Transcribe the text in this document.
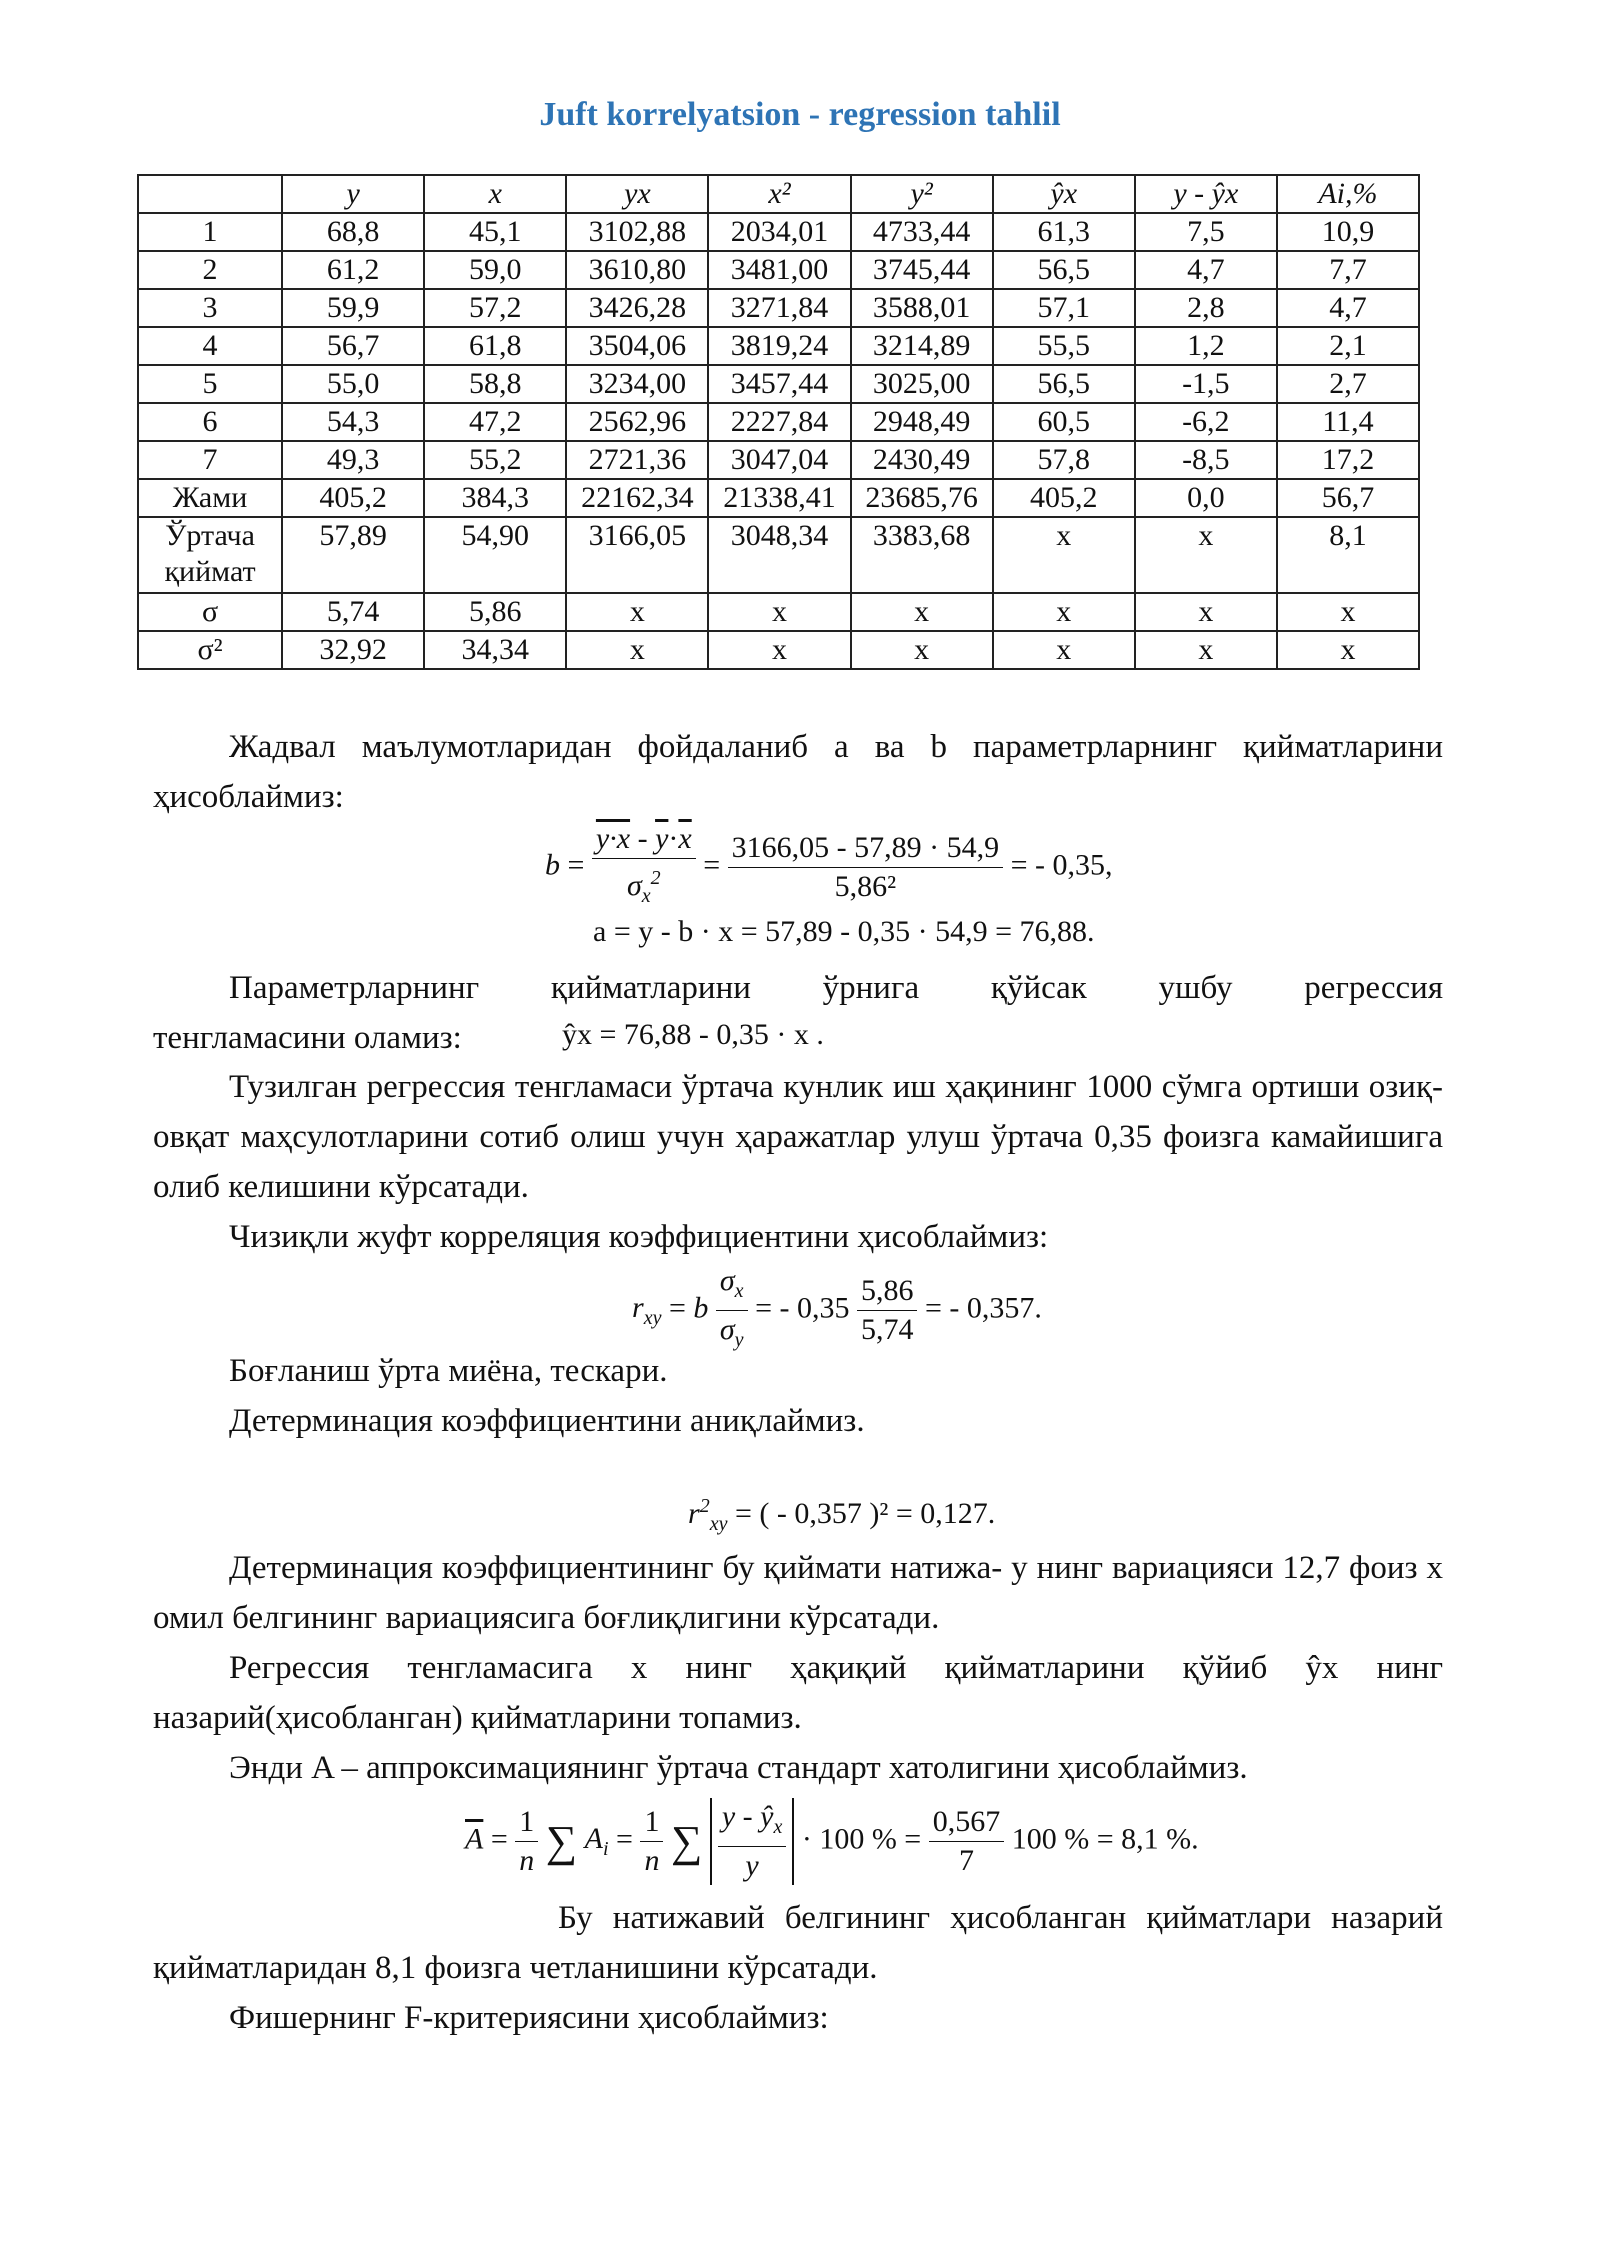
Juft korrelyatsion - regression tahlil
	y	x	yx	x²	y²	ŷx	y - ŷx	Ai,%
1	68,8	45,1	3102,88	2034,01	4733,44	61,3	7,5	10,9
2	61,2	59,0	3610,80	3481,00	3745,44	56,5	4,7	7,7
3	59,9	57,2	3426,28	3271,84	3588,01	57,1	2,8	4,7
4	56,7	61,8	3504,06	3819,24	3214,89	55,5	1,2	2,1
5	55,0	58,8	3234,00	3457,44	3025,00	56,5	-1,5	2,7
6	54,3	47,2	2562,96	2227,84	2948,49	60,5	-6,2	11,4
7	49,3	55,2	2721,36	3047,04	2430,49	57,8	-8,5	17,2
Жами	405,2	384,3	22162,34	21338,41	23685,76	405,2	0,0	56,7
Ўртача қиймат	57,89	54,90	3166,05	3048,34	3383,68	x	x	8,1
σ	5,74	5,86	x	x	x	x	x	x
σ²	32,92	34,34	x	x	x	x	x	x
Жадвал маълумотларидан фойдаланиб a ва b параметрларнинг қийматларини ҳисоблаймиз:
$b = \frac{y\cdot x - \overline{y}\cdot\overline{x}}{\sigma_x^2} = \frac{3166,05 - 57,89 \cdot 54,9}{\text{5,86²}}$ = - 0,35,
a = y - b · x = 57,89 - 0,35 · 54,9 = 76,88.
Параметрларнинг қийматларини ўрнига қўйсак ушбу регрессия
тенгламасини оламиз:	ŷx = 76,88 - 0,35 · x .
Тузилган регрессия тенгламаси ўртача кунлик иш ҳақининг 1000 сўмга ортиши озиқ-овқат маҳсулотларини сотиб олиш учун ҳаражатлар улуш ўртача 0,35 фоизга камайишига олиб келишини кўрсатади.
Чизиқли жуфт корреляция коэффициентини ҳисоблаймиз:
$r_{xy} = b \frac{\sigma_x}{\sigma_y}$ = - $0,35 \frac{5,86}{5,74}$ = - 0,357.
Боғланиш ўрта миёна, тескари.
Детерминация коэффициентини аниқлаймиз.
$r^2_{xy}$ = ( - 0,357 )² = 0,127.
Детерминация коэффициентининг бу қиймати натижа- y нинг вариацияси 12,7 фоиз x омил белгининг вариациясига боғлиқлигини кўрсатади.
Регрессия тенгламасига x нинг ҳақиқий қийматларини қўйиб ŷx нинг назарий(ҳисобланган) қийматларини топамиз.
Энди A – аппроксимациянинг ўртача стандарт хатолигини ҳисоблаймиз.
$\overline{A} = \frac{1}{n}$ ∑ $A_i = \frac{1}{n}$ ∑ $\frac{y - ŷ_x}{y} \cdot 100$ % = $\frac{0,567}{7} 100$ % = 8,1 %.
Бу натижавий белгининг ҳисобланган қийматлари назарий қийматларидан 8,1 фоизга четланишини кўрсатади.
Фишернинг F-критериясини ҳисоблаймиз:
